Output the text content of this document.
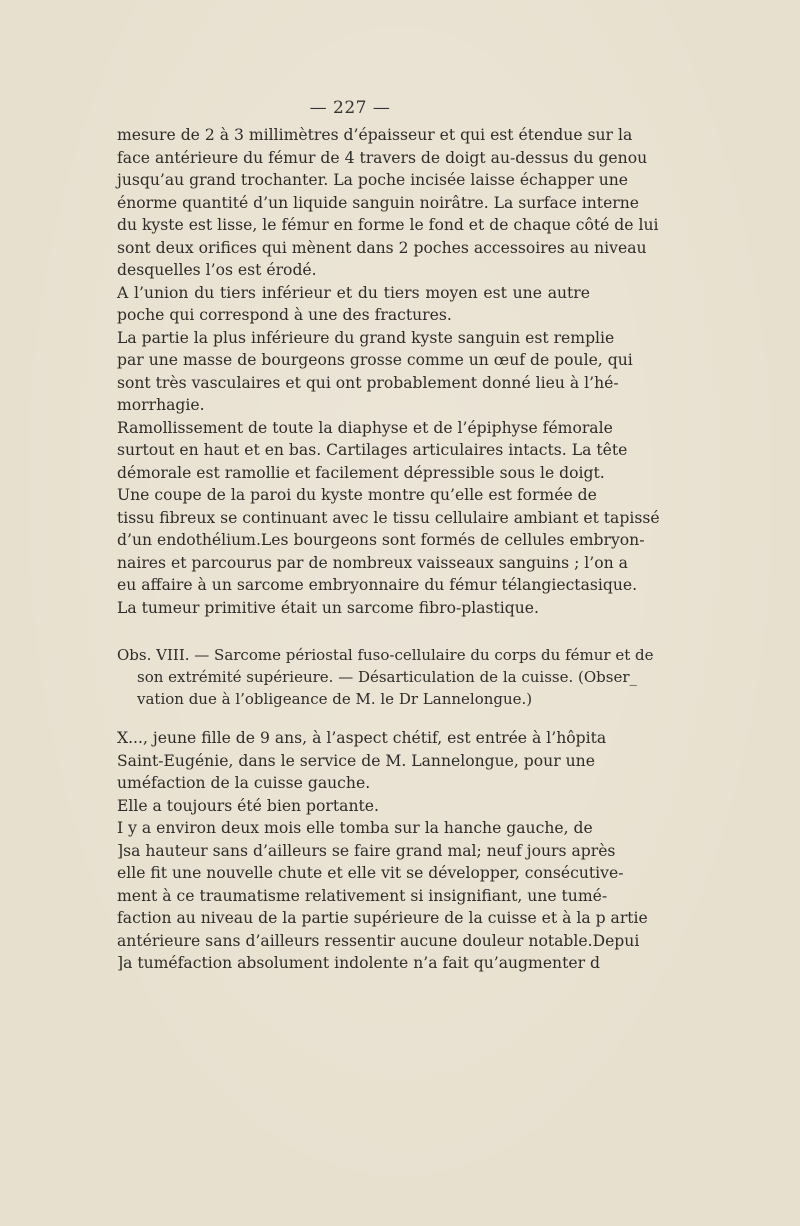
— 227 —
mesure de 2 à 3 millimètres d’épaisseur et qui est étendue sur la
face antérieure du fémur de 4 travers de doigt au-dessus du genou
jusqu’au grand trochanter. La poche incisée laisse échapper une
énorme quantité d’un liquide sanguin noirâtre. La surface interne
du kyste est lisse, le fémur en forme le fond et de chaque côté de lui
sont deux orifices qui mènent dans 2 poches accessoires au niveau
desquelles l’os est érodé.
A l’union du tiers inférieur et du tiers moyen est une autre
poche qui correspond à une des fractures.
La partie la plus inférieure du grand kyste sanguin est remplie
par une masse de bourgeons grosse comme un œuf de poule, qui
sont très vasculaires et qui ont probablement donné lieu à l’hé-
morrhagie.
Ramollissement de toute la diaphyse et de l’épiphyse fémorale
surtout en haut et en bas. Cartilages articulaires intacts. La tête
démorale est ramollie et facilement dépressible sous le doigt.
Une coupe de la paroi du kyste montre qu’elle est formée de
tissu fibreux se continuant avec le tissu cellulaire ambiant et tapissé
d’un endothélium.Les bourgeons sont formés de cellules embryon-
naires et parcourus par de nombreux vaisseaux sanguins ; l’on a
eu affaire à un sarcome embryonnaire du fémur télangiectasique.
La tumeur primitive était un sarcome fibro-plastique.
Obs. VIII. — Sarcome périostal fuso-cellulaire du corps du fémur et de
son extrémité supérieure. — Désarticulation de la cuisse. (Obser_
vation due à l’obligeance de M. le Dr Lannelongue.)
X..., jeune fille de 9 ans, à l’aspect chétif, est entrée à l’hôpita
Saint-Eugénie, dans le service de M. Lannelongue, pour une
uméfaction de la cuisse gauche.
Elle a toujours été bien portante.
I y a environ deux mois elle tomba sur la hanche gauche, de
]sa hauteur sans d’ailleurs se faire grand mal; neuf jours après
elle fit une nouvelle chute et elle vit se développer, consécutive-
ment à ce traumatisme relativement si insignifiant, une tumé-
faction au niveau de la partie supérieure de la cuisse et à la p artie
antérieure sans d’ailleurs ressentir aucune douleur notable.Depui
]a tuméfaction absolument indolente n’a fait qu’augmenter d
